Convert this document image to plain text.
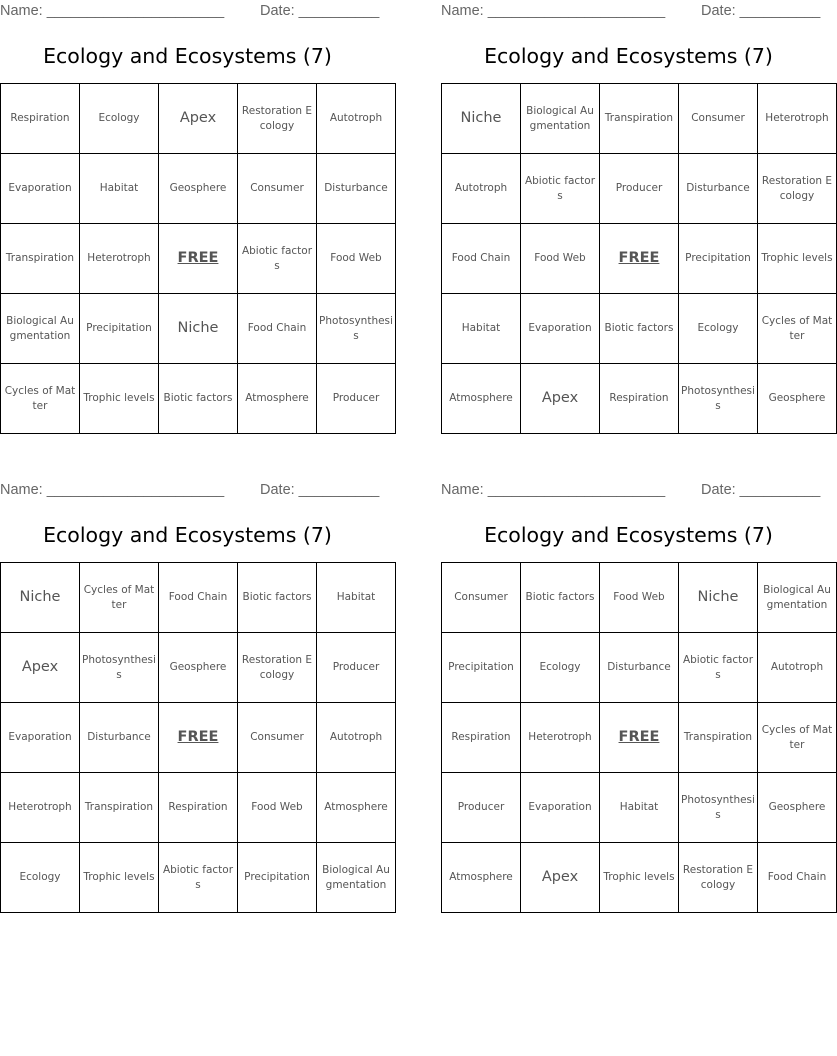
Name: ______________________ Date: __________
Ecology and Ecosystems (7)
Respiration	Ecology	Apex	Restoration Ecology	Autotroph
Evaporation	Habitat	Geosphere	Consumer	Disturbance
Transpiration	Heterotroph	FREE	Abiotic factors	Food Web
Biological Augmentation	Precipitation	Niche	Food Chain	Photosynthesis
Cycles of Matter	Trophic levels	Biotic factors	Atmosphere	Producer
Name: ______________________ Date: __________
Ecology and Ecosystems (7)
Niche	Biological Augmentation	Transpiration	Consumer	Heterotroph
Autotroph	Abiotic factors	Producer	Disturbance	Restoration Ecology
Food Chain	Food Web	FREE	Precipitation	Trophic levels
Habitat	Evaporation	Biotic factors	Ecology	Cycles of Matter
Atmosphere	Apex	Respiration	Photosynthesis	Geosphere
Name: ______________________ Date: __________
Ecology and Ecosystems (7)
Niche	Cycles of Matter	Food Chain	Biotic factors	Habitat
Apex	Photosynthesis	Geosphere	Restoration Ecology	Producer
Evaporation	Disturbance	FREE	Consumer	Autotroph
Heterotroph	Transpiration	Respiration	Food Web	Atmosphere
Ecology	Trophic levels	Abiotic factors	Precipitation	Biological Augmentation
Name: ______________________ Date: __________
Ecology and Ecosystems (7)
Consumer	Biotic factors	Food Web	Niche	Biological Augmentation
Precipitation	Ecology	Disturbance	Abiotic factors	Autotroph
Respiration	Heterotroph	FREE	Transpiration	Cycles of Matter
Producer	Evaporation	Habitat	Photosynthesis	Geosphere
Atmosphere	Apex	Trophic levels	Restoration Ecology	Food Chain
